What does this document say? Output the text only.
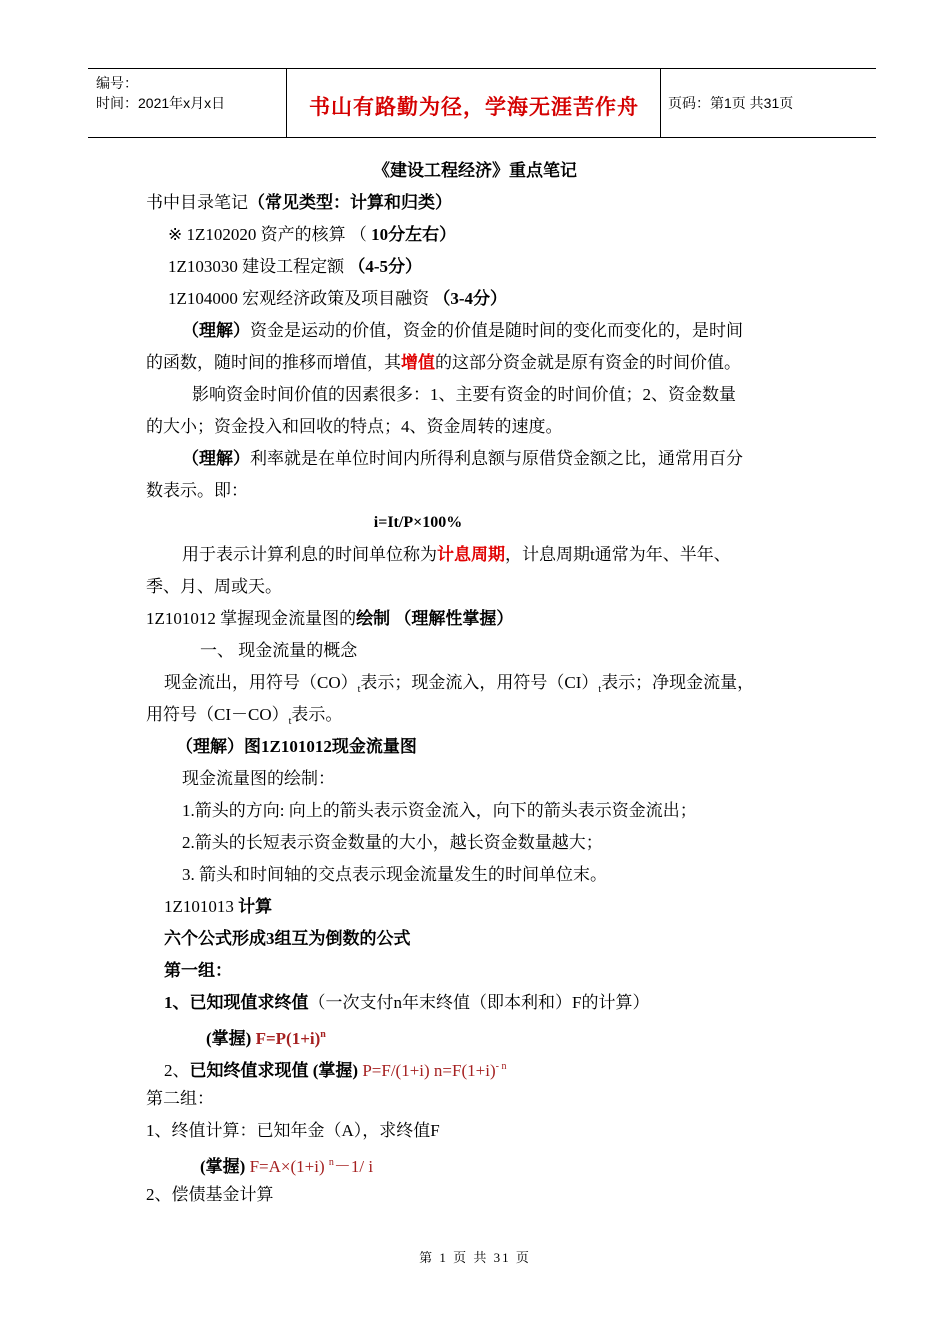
编号：
时间：2021年x月x日	书山有路勤为径，学海无涯苦作舟	页码：第1页 共31页
《建设工程经济》重点笔记
书中目录笔记（常见类型：计算和归类）
※ 1Z102020 资产的核算 （ 10分左右）
1Z103030 建设工程定额 （4-5分）
1Z104000 宏观经济政策及项目融资 （3-4分）
（理解）资金是运动的价值，资金的价值是随时间的变化而变化的，是时间
的函数，随时间的推移而增值，其增值的这部分资金就是原有资金的时间价值。
影响资金时间价值的因素很多：1、主要有资金的时间价值；2、资金数量
的大小；资金投入和回收的特点；4、资金周转的速度。
（理解）利率就是在单位时间内所得利息额与原借贷金额之比，通常用百分
数表示。即：
i=It/P×100%
用于表示计算利息的时间单位称为计息周期，计息周期t通常为年、半年、
季、月、周或天。
1Z101012 掌握现金流量图的绘制 （理解性掌握）
一、 现金流量的概念
现金流出，用符号$(CO)_t$表示；现金流入，用符号$(CI)_t$表示；净现金流量，
用符号$(CI-CO)_t$表示。
（理解）图1Z101012现金流量图
现金流量图的绘制：
1.箭头的方向: 向上的箭头表示资金流入，向下的箭头表示资金流出；
2.箭头的长短表示资金数量的大小，越长资金数量越大；
3. 箭头和时间轴的交点表示现金流量发生的时间单位末。
1Z101013 计算
六个公式形成3组互为倒数的公式
第一组：
1、已知现值求终值（一次支付n年末终值（即本利和）F的计算）
(掌握) $F=P(1+i)^n$
2、已知终值求现值 (掌握) P=F/(1+i) $n=F(1+i)^{- n}$
第二组：
1、终值计算：已知年金（A），求终值F
(掌握) F=A×(1+i) $^n$－1/ i
2、偿债基金计算
第 1 页 共 31 页
